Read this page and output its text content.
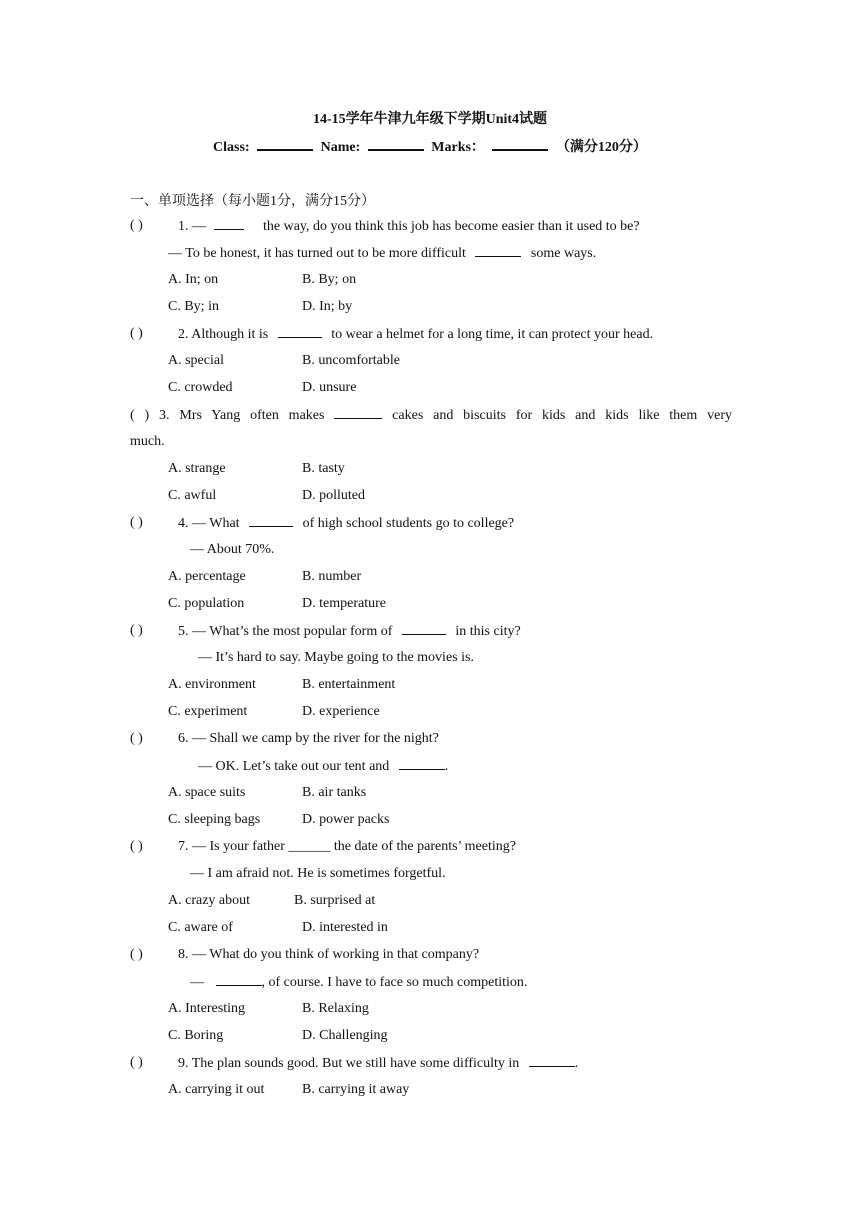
14-15学年牛津九年级下学期Unit4试题
Class:	Name:	Marks：	（满分120分）
一、单项选择（每小题1分，满分15分）
( )	1. —	the way, do you think this job has become easier than it used to be?
— To be honest, it has turned out to be more difficult	some ways.
A. In; on	B. By; on
C. By; in	D. In; by
( )	2. Although it is	to wear a helmet for a long time, it can protect your head.
A. special	B. uncomfortable
C. crowded	D. unsure
( ) 3. Mrs Yang often makes	cakes and biscuits for kids and kids like them very
much.
A. strange	B. tasty
C. awful	D. polluted
( )	4. — What	of high school students go to college?
— About 70%.
A. percentage	B. number
C. population	D. temperature
( )	5. — What’s the most popular form of	in this city?
— It’s hard to say. Maybe going to the movies is.
A. environment	B. entertainment
C. experiment	D. experience
( )	6. — Shall we camp by the river for the night?
— OK. Let’s take out our tent and	.
A. space suits	B. air tanks
C. sleeping bags	D. power packs
( )	7. — Is your father ______ the date of the parents’ meeting?
— I am afraid not. He is sometimes forgetful.
A. crazy about	B. surprised at
C. aware of	D. interested in
( )	8. — What do you think of working in that company?
—	, of course. I have to face so much competition.
A. Interesting	B. Relaxing
C. Boring	D. Challenging
( )	9. The plan sounds good. But we still have some difficulty in	.
A. carrying it out	B. carrying it away
